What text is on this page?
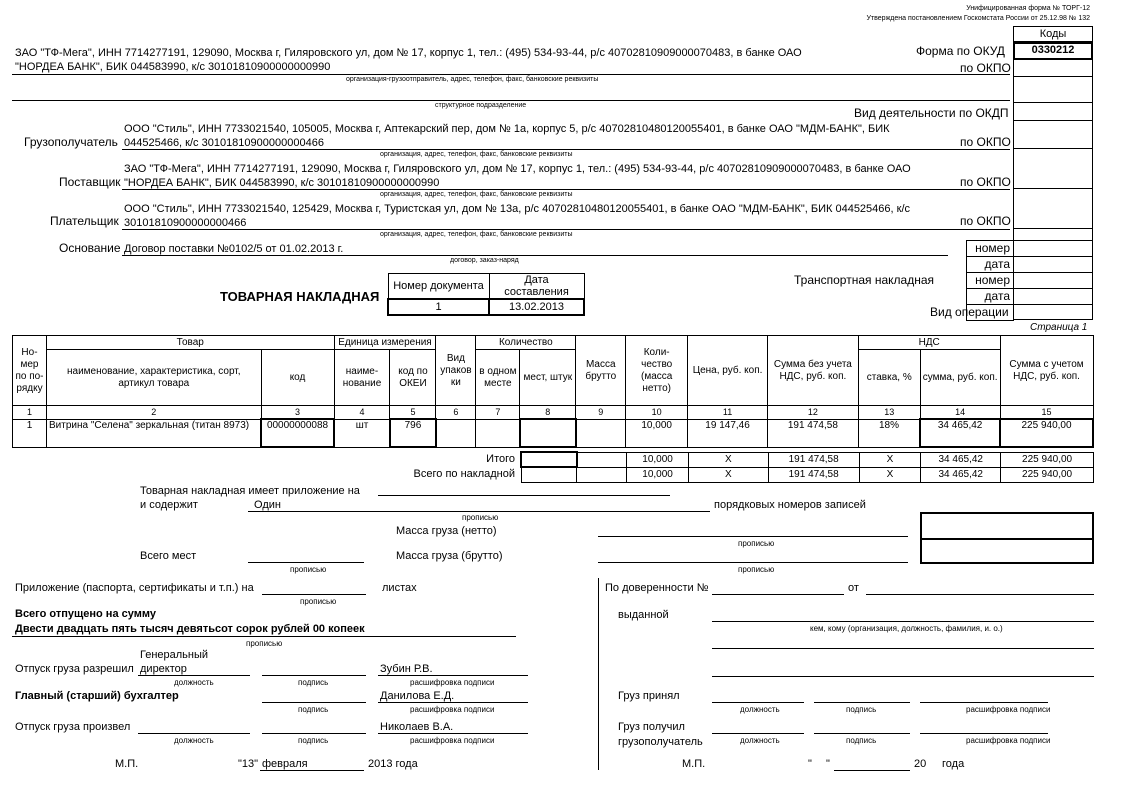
Унифицированная форма № ТОРГ-12
Утверждена постановлением Госкомстата России от 25.12.98 № 132
Коды
0330212
Форма по ОКУД
по ОКПО
Вид деятельности по ОКДП
ЗАО "ТФ-Мега", ИНН 7714277191, 129090, Москва г, Гиляровского ул, дом № 17, корпус 1, тел.: (495) 534-93-44, р/с 40702810909000070483, в банке ОАО
"НОРДЕА БАНК", БИК 044583990, к/с 30101810900000000990
организация-грузоотправитель, адрес, телефон, факс, банковские реквизиты
структурное подразделение
Грузополучатель
ООО "Стиль", ИНН 7733021540, 105005, Москва г, Аптекарский пер, дом № 1а, корпус 5, р/с 40702810480120055401, в банке ОАО "МДМ-БАНК", БИК
044525466, к/с 30101810900000000466
организация, адрес, телефон, факс, банковские реквизиты
по ОКПО
Поставщик
ЗАО "ТФ-Мега", ИНН 7714277191, 129090, Москва г, Гиляровского ул, дом № 17, корпус 1, тел.: (495) 534-93-44, р/с 40702810909000070483, в банке ОАО
"НОРДЕА БАНК", БИК 044583990, к/с 30101810900000000990
организация, адрес, телефон, факс, банковские реквизиты
по ОКПО
Плательщик
ООО "Стиль", ИНН 7733021540, 125429, Москва г, Туристская ул, дом № 13а, р/с 40702810480120055401, в банке ОАО "МДМ-БАНК", БИК 044525466, к/с
30101810900000000466
организация, адрес, телефон, факс, банковские реквизиты
по ОКПО
Основание Договор поставки №0102/5 от 01.02.2013 г.
договор, заказ-наряд
номер
дата
номер
дата
Транспортная накладная
Вид операции
ТОВАРНАЯ НАКЛАДНАЯ
Номер документа	Дата составления
1	13.02.2013
Страница 1
Но-мер по по-рядку	Товар		Единица измерения		Вид упаков ки	Количество		Масса брутто	Коли-чество (масса нетто)	Цена, руб. коп.	Сумма без учета НДС, руб. коп.	НДС		Сумма с учетом НДС, руб. коп.
	наименование, характеристика, сорт, артикул товара	код	наиме-нование	код по ОКЕИ		в одном месте	мест, штук					ставка, %	сумма, руб. коп.	
1	2	3	4	5	6	7	8	9	10	11	12	13	14	15
1	Витрина "Селена" зеркальная (титан 8973)	00000000088	шт	796					10,000	19 147,46	191 474,58	18%	34 465,42	225 940,00
		10,000	X	191 474,58	X	34 465,42	225 940,00
		10,000	X	191 474,58	X	34 465,42	225 940,00
Итого
Всего по накладной
Товарная накладная имеет приложение на
и содержит	Один
прописью
порядковых номеров записей
Масса груза (нетто)
прописью
Всего мест
прописью
Масса груза (брутто)
прописью
Приложение (паспорта, сертификаты и т.п.) на
прописью
листах
Всего отпущено на сумму
Двести двадцать пять тысяч девятьсот сорок рублей 00 копеек
прописью
Отпуск груза разрешил
Генеральный
директор	Зубин Р.В.
должность	подпись	расшифровка подписи
Главный (старший) бухгалтер	Данилова Е.Д.
подпись	расшифровка подписи
Отпуск груза произвел	Николаев В.А.
должность	подпись	расшифровка подписи
М.П.	"13" февраля	2013 года
По доверенности №	от
выданной
кем, кому (организация, должность, фамилия, и. о.)
Груз принял
должность	подпись	расшифровка подписи
Груз получил
грузополучатель	должность	подпись	расшифровка подписи
М.П.	" "	20 года
